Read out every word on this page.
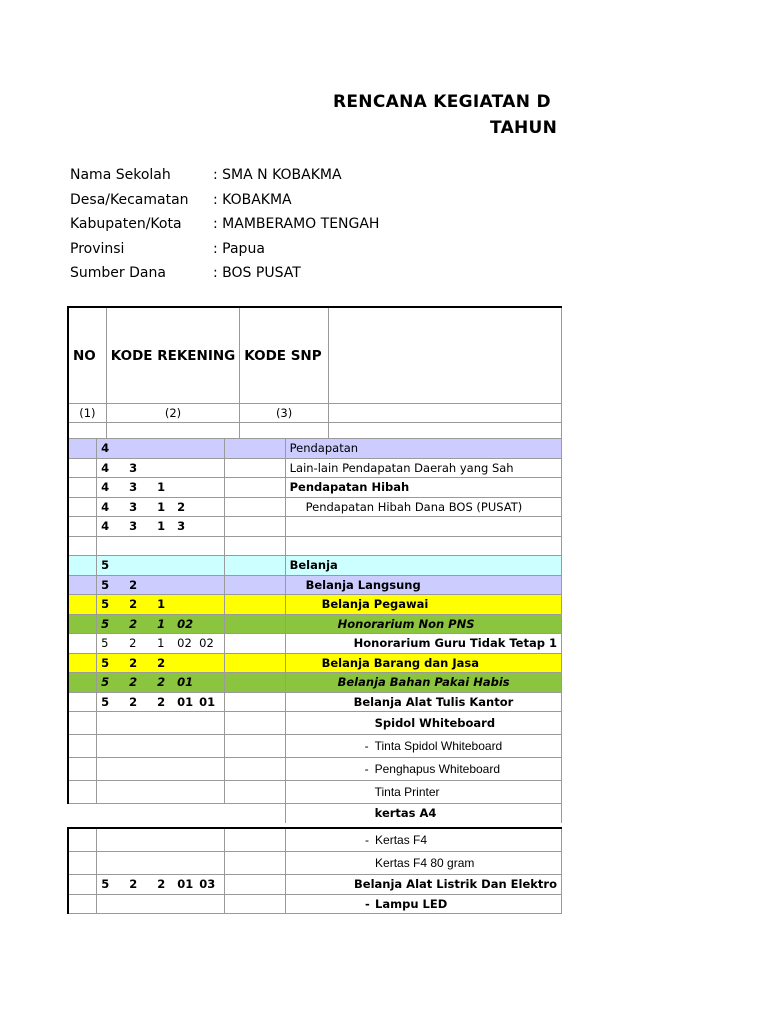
RENCANA KEGIATAN D
TAHUN
Nama Sekolah	: SMA N KOBAKMA
Desa/Kecamatan : KOBAKMA
Kabupaten/Kota : MAMBERAMO TENGAH
Provinsi	: Papua
Sumber Dana	: BOS PUSAT
NO	KODE REKENING	KODE SNP	
(1)	(2)	(3)	

	4		Pendapatan
	4 3		Lain-lain Pendapatan Daerah yang Sah
	4 3 1		Pendapatan Hibah
	4 3 1 2		Pendapatan Hibah Dana BOS (PUSAT)
	4 3 1 3		

	5		Belanja
	5 2		Belanja Langsung
	5 2 1		Belanja Pegawai
	5 2 1 02		Honorarium Non PNS
	5 2 1 02 02		Honorarium Guru Tidak Tetap 1
	5 2 2		Belanja Barang dan Jasa
	5 2 2 01		Belanja Bahan Pakai Habis
	5 2 2 01 01		Belanja Alat Tulis Kantor
			Spidol Whiteboard
			- Tinta Spidol Whiteboard
			- Penghapus Whiteboard
			Tinta Printer
			kertas A4
			- Kertas F4
			Kertas F4 80 gram
	5 2 2 01 03		Belanja Alat Listrik Dan Elektro
			- Lampu LED
